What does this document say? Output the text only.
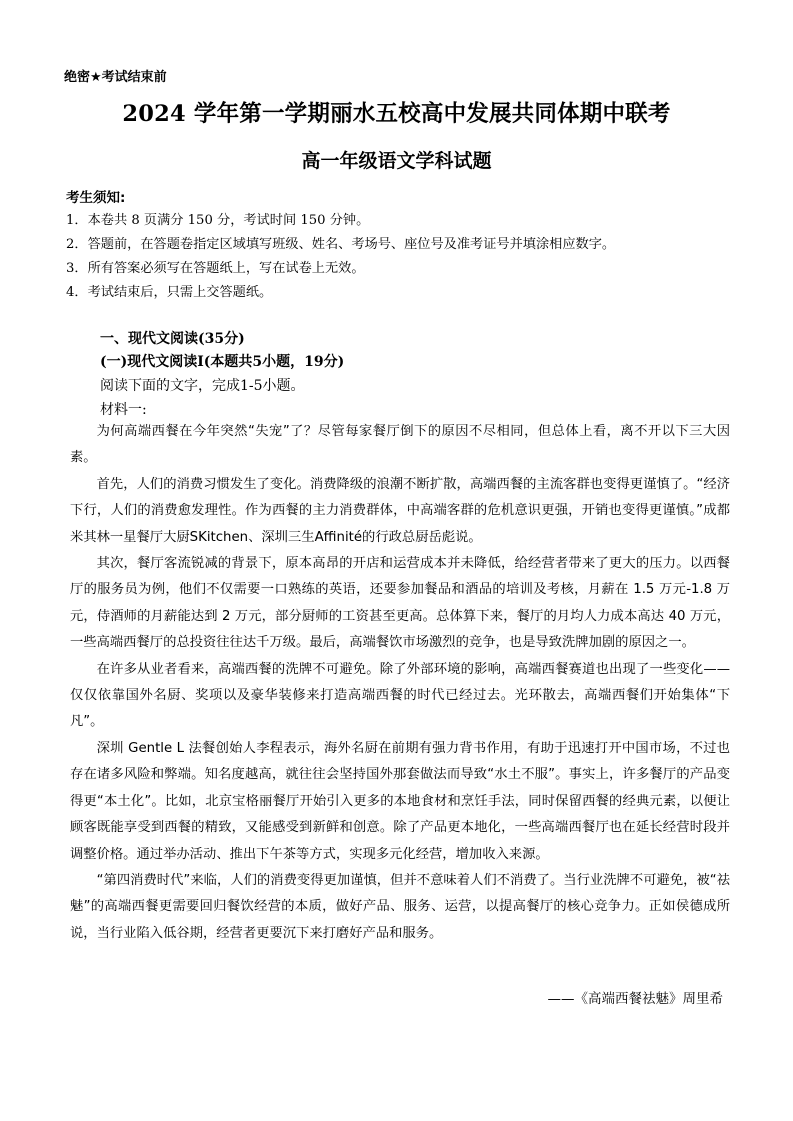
绝密★考试结束前
2024 学年第一学期丽水五校高中发展共同体期中联考
高一年级语文学科试题
考生须知:
1．本卷共 8 页满分 150 分，考试时间 150 分钟。
2．答题前，在答题卷指定区域填写班级、姓名、考场号、座位号及准考证号并填涂相应数字。
3．所有答案必须写在答题纸上，写在试卷上无效。
4．考试结束后，只需上交答题纸。
一、现代文阅读(35分)
(一)现代文阅读I(本题共5小题，19分)
阅读下面的文字，完成1-5小题。
材料一:

为何高端西餐在今年突然“失宠”了？尽管每家餐厅倒下的原因不尽相同，但总体上看，离不开以下三大因素。

首先，人们的消费习惯发生了变化。消费降级的浪潮不断扩散，高端西餐的主流客群也变得更谨慎了。“经济下行，人们的消费愈发理性。作为西餐的主力消费群体，中高端客群的危机意识更强，开销也变得更谨慎。”成都米其林一星餐厅大厨SKitchen、深圳三生Affinité的行政总厨岳彪说。

其次，餐厅客流锐减的背景下，原本高昂的开店和运营成本并未降低，给经营者带来了更大的压力。以西餐厅的服务员为例，他们不仅需要一口熟练的英语，还要参加餐品和酒品的培训及考核，月薪在 1.5 万元-1.8 万元，侍酒师的月薪能达到 2 万元，部分厨师的工资甚至更高。总体算下来，餐厅的月均人力成本高达 40 万元，一些高端西餐厅的总投资往往达千万级。最后，高端餐饮市场激烈的竞争，也是导致洗牌加剧的原因之一。

在许多从业者看来，高端西餐的洗牌不可避免。除了外部环境的影响，高端西餐赛道也出现了一些变化——仅仅依靠国外名厨、奖项以及豪华装修来打造高端西餐的时代已经过去。光环散去，高端西餐们开始集体“下凡”。

深圳 Gentle L 法餐创始人李程表示，海外名厨在前期有强力背书作用，有助于迅速打开中国市场，不过也存在诸多风险和弊端。知名度越高，就往往会坚持国外那套做法而导致“水土不服”。事实上，许多餐厅的产品变得更“本土化”。比如，北京宝格丽餐厅开始引入更多的本地食材和烹饪手法，同时保留西餐的经典元素，以便让顾客既能享受到西餐的精致，又能感受到新鲜和创意。除了产品更本地化，一些高端西餐厅也在延长经营时段并调整价格。通过举办活动、推出下午茶等方式，实现多元化经营，增加收入来源。

“第四消费时代”来临，人们的消费变得更加谨慎，但并不意味着人们不消费了。当行业洗牌不可避免，被“祛魅”的高端西餐更需要回归餐饮经营的本质，做好产品、服务、运营，以提高餐厅的核心竞争力。正如侯德成所说，当行业陷入低谷期，经营者更要沉下来打磨好产品和服务。

——《高端西餐祛魅》周里希
